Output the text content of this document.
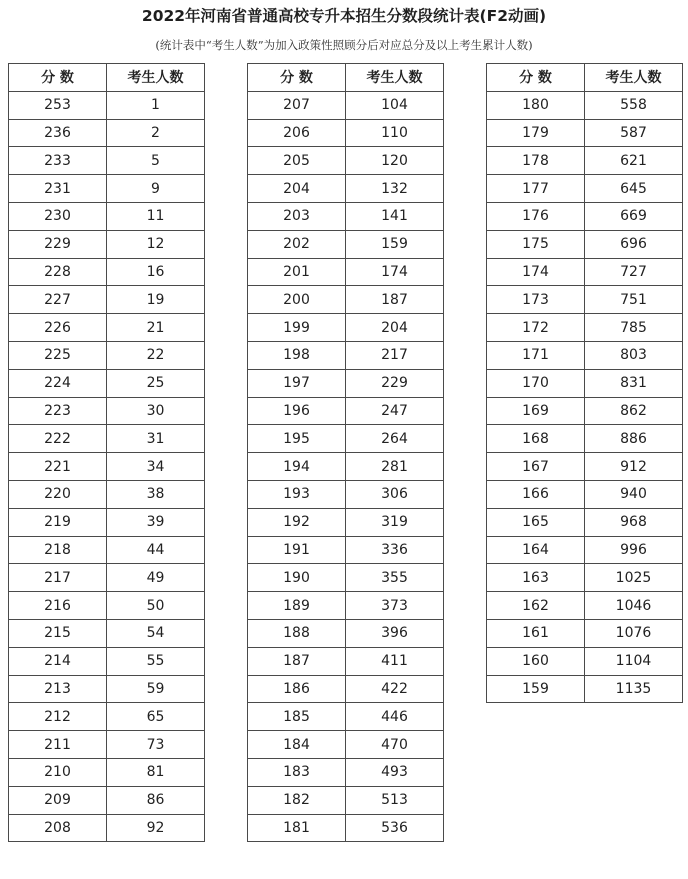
2022年河南省普通高校专升本招生分数段统计表(F2动画)
(统计表中“考生人数”为加入政策性照顾分后对应总分及以上考生累计人数)
分 数	考生人数
253	1
236	2
233	5
231	9
230	11
229	12
228	16
227	19
226	21
225	22
224	25
223	30
222	31
221	34
220	38
219	39
218	44
217	49
216	50
215	54
214	55
213	59
212	65
211	73
210	81
209	86
208	92
分 数	考生人数
207	104
206	110
205	120
204	132
203	141
202	159
201	174
200	187
199	204
198	217
197	229
196	247
195	264
194	281
193	306
192	319
191	336
190	355
189	373
188	396
187	411
186	422
185	446
184	470
183	493
182	513
181	536
分 数	考生人数
180	558
179	587
178	621
177	645
176	669
175	696
174	727
173	751
172	785
171	803
170	831
169	862
168	886
167	912
166	940
165	968
164	996
163	1025
162	1046
161	1076
160	1104
159	1135
